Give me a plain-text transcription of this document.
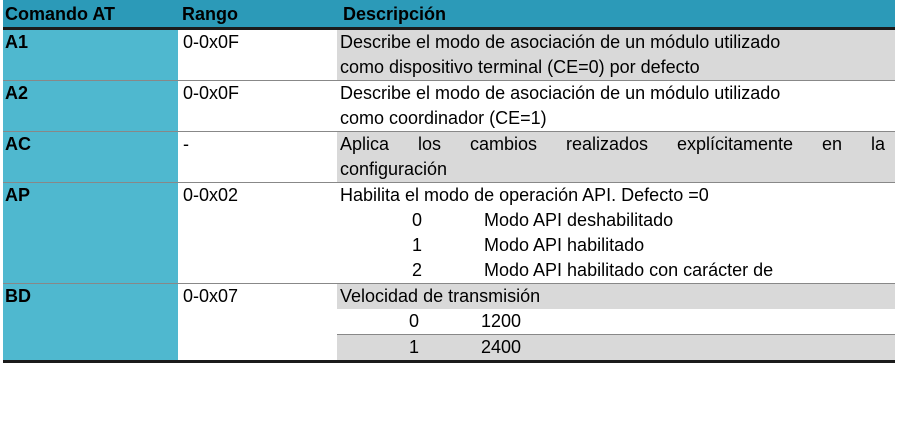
Comando AT	Rango	Descripción
A1	0-0x0F	Describe el modo de asociación de un módulo utilizado
como dispositivo terminal (CE=0) por defecto
A2	0-0x0F	Describe el modo de asociación de un módulo utilizado
como coordinador (CE=1)
AC	-	Aplica los cambios realizados explícitamente en la
configuración
AP	0-0x02	Habilita el modo de operación API. Defecto =0
0	Modo API deshabilitado
1	Modo API habilitado
2	Modo API habilitado con carácter de
BD	0-0x07	Velocidad de transmisión
0	1200
1	2400
